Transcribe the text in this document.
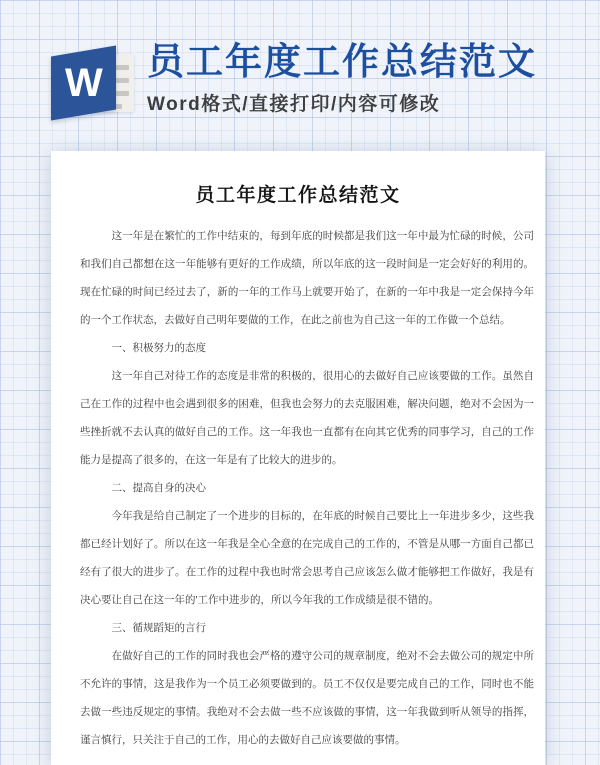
W 员工年度工作总结范文
Word格式/直接打印/内容可修改
员工年度工作总结范文
这一年是在繁忙的工作中结束的，每到年底的时候都是我们这一年中最为忙碌的时候，公司和我们自己都想在这一年能够有更好的工作成绩，所以年底的这一段时间是一定会好好的利用的。现在忙碌的时间已经过去了，新的一年的工作马上就要开始了，在新的一年中我是一定会保持今年的一个工作状态，去做好自己明年要做的工作，在此之前也为自己这一年的工作做一个总结。
一、积极努力的态度
这一年自己对待工作的态度是非常的积极的，很用心的去做好自己应该要做的工作。虽然自己在工作的过程中也会遇到很多的困难，但我也会努力的去克服困难，解决问题，绝对不会因为一些挫折就不去认真的做好自己的工作。这一年我也一直都有在向其它优秀的同事学习，自己的工作能力是提高了很多的，在这一年是有了比较大的进步的。
二、提高自身的决心
今年我是给自己制定了一个进步的目标的，在年底的时候自己要比上一年进步多少，这些我都已经计划好了。所以在这一年我是全心全意的在完成自己的工作的，不管是从哪一方面自己都已经有了很大的进步了。在工作的过程中我也时常会思考自己应该怎么做才能够把工作做好，我是有决心要让自己在这一年的'工作中进步的，所以今年我的工作成绩是很不错的。
三、循规蹈矩的言行
在做好自己的工作的同时我也会严格的遵守公司的规章制度，绝对不会去做公司的规定中所不允许的事情，这是我作为一个员工必须要做到的。员工不仅仅是要完成自己的工作，同时也不能去做一些违反规定的事情。我绝对不会去做一些不应该做的事情，这一年我做到听从领导的指挥，谨言慎行，只关注于自己的工作，用心的去做好自己应该要做的事情。
